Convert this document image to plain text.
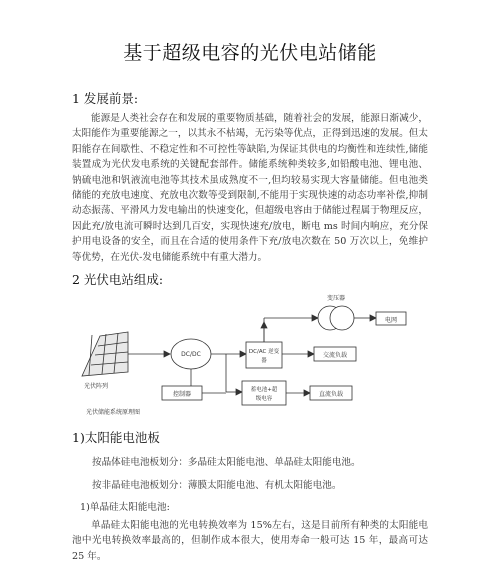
基于超级电容的光伏电站储能
1 发展前景:
能源是人类社会存在和发展的重要物质基础，随着社会的发展，能源日渐减少，太阳能作为重要能源之一，以其永不枯竭，无污染等优点，正得到迅速的发展。但太阳能存在间歇性、不稳定性和不可控性等缺陷,为保证其供电的均衡性和连续性,储能装置成为光伏发电系统的关键配套部件。储能系统种类较多,如铅酸电池、锂电池、钠硫电池和钒液流电池等其技术虽成熟度不一,但均较易实现大容量储能。但电池类储能的充放电速度、充放电次数等受到限制,不能用于实现快速的动态功率补偿,抑制动态振荡、平滑风力发电输出的快速变化，但超级电容由于储能过程属于物理反应，因此充/放电流可瞬时达到几百安，实现快速充/放电，断电 ms 时间内响应，充分保护用电设备的安全，而且在合适的使用条件下充/放电次数在 50 万次以上，免维护等优势，在光伏-发电储能系统中有重大潜力。
2 光伏电站组成:
变压器
电网
DC/DC	DC/AC 逆变
器
交流负载
控制器
蓄电池+超
级电容
直流负载
光伏阵列
光伏储能系统原理图
1)太阳能电池板
按晶体硅电池板划分：多晶硅太阳能电池、单晶硅太阳能电池。
按非晶硅电池板划分：薄膜太阳能电池、有机太阳能电池。
1)单晶硅太阳能电池:
单晶硅太阳能电池的光电转换效率为 15%左右，这是目前所有种类的太阳能电池中光电转换效率最高的，但制作成本很大，使用寿命一般可达 15 年，最高可达 25 年。
